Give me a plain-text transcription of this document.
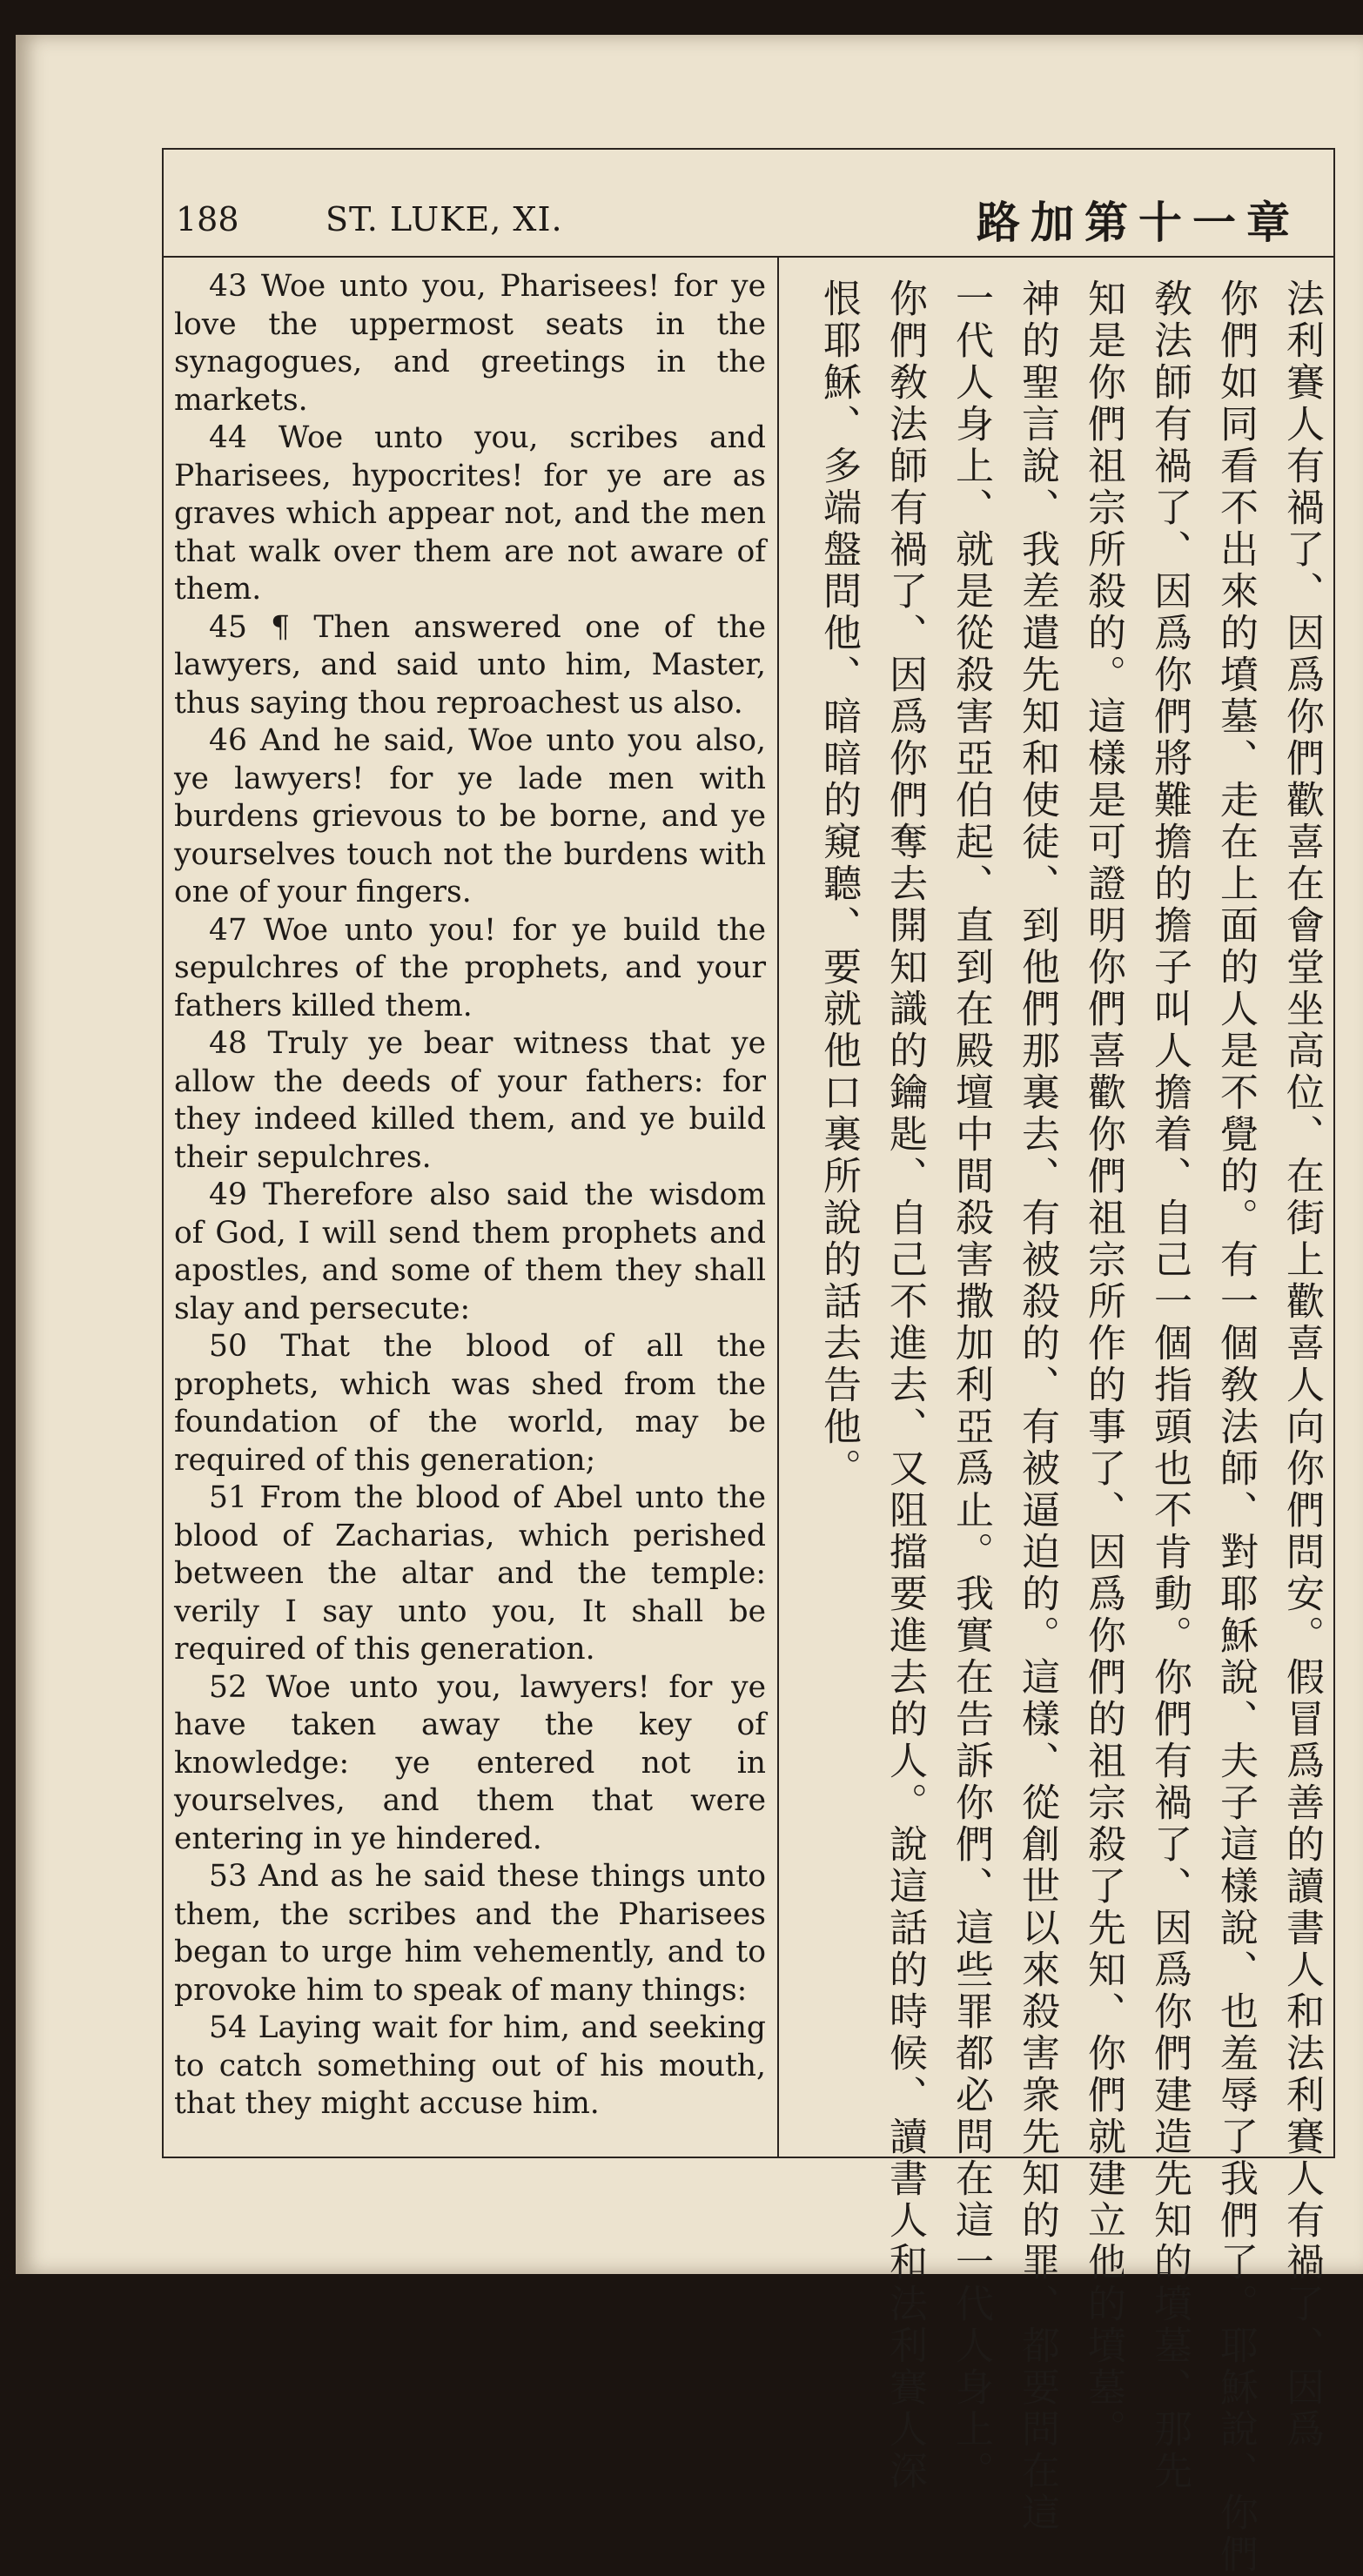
188	ST. LUKE, XI.	路加第十一章

43 Woe unto you, Pharisees! for ye love the uppermost seats in the synagogues, and greetings in the markets.

44 Woe unto you, scribes and Pharisees, hypocrites! for ye are as graves which appear not, and the men that walk over them are not aware of them.

45 ¶ Then answered one of the lawyers, and said unto him, Master, thus saying thou reproachest us also.

46 And he said, Woe unto you also, ye lawyers! for ye lade men with burdens grievous to be borne, and ye yourselves touch not the burdens with one of your fingers.

47 Woe unto you! for ye build the sepulchres of the prophets, and your fathers killed them.

48 Truly ye bear witness that ye allow the deeds of your fathers: for they indeed killed them, and ye build their sepulchres.

49 Therefore also said the wisdom of God, I will send them prophets and apostles, and some of them they shall slay and persecute:

50 That the blood of all the prophets, which was shed from the foundation of the world, may be required of this generation;

51 From the blood of Abel unto the blood of Zacharias, which perished between the altar and the temple: verily I say unto you, It shall be required of this generation.

52 Woe unto you, lawyers! for ye have taken away the key of knowledge: ye entered not in yourselves, and them that were entering in ye hindered.

53 And as he said these things unto them, the scribes and the Pharisees began to urge him vehemently, and to provoke him to speak of many things:

54 Laying wait for him, and seeking to catch something out of his mouth, that they might accuse him.	法利賽人有禍了、因爲你們歡喜在會堂坐高位、在街上歡喜人向你們問安。假冒爲善的讀書人和法利賽人有禍了、因爲
你們如同看不出來的墳墓、走在上面的人是不覺的。有一個敎法師、對耶穌說、夫子這樣說、也羞辱了我們了。耶穌說、你們
敎法師有禍了、因爲你們將難擔的擔子叫人擔着、自己一個指頭也不肯動。你們有禍了、因爲你們建造先知的墳墓、那先
知是你們祖宗所殺的。這樣是可證明你們喜歡你們祖宗所作的事了、因爲你們的祖宗殺了先知、你們就建立他的墳墓。
神的聖言說、我差遣先知和使徒、到他們那裏去、有被殺的、有被逼迫的。這樣、從創世以來殺害衆先知的罪、都要問在這
一代人身上、就是從殺害亞伯起、直到在殿壇中間殺害撒加利亞爲止。我實在告訴你們、這些罪都必問在這一代人身上。
你們敎法師有禍了、因爲你們奪去開知識的鑰匙、自己不進去、又阻擋要進去的人。說這話的時候、讀書人和法利賽人深
恨耶穌、多端盤問他、暗暗的窺聽、要就他口裏所說的話去告他。
